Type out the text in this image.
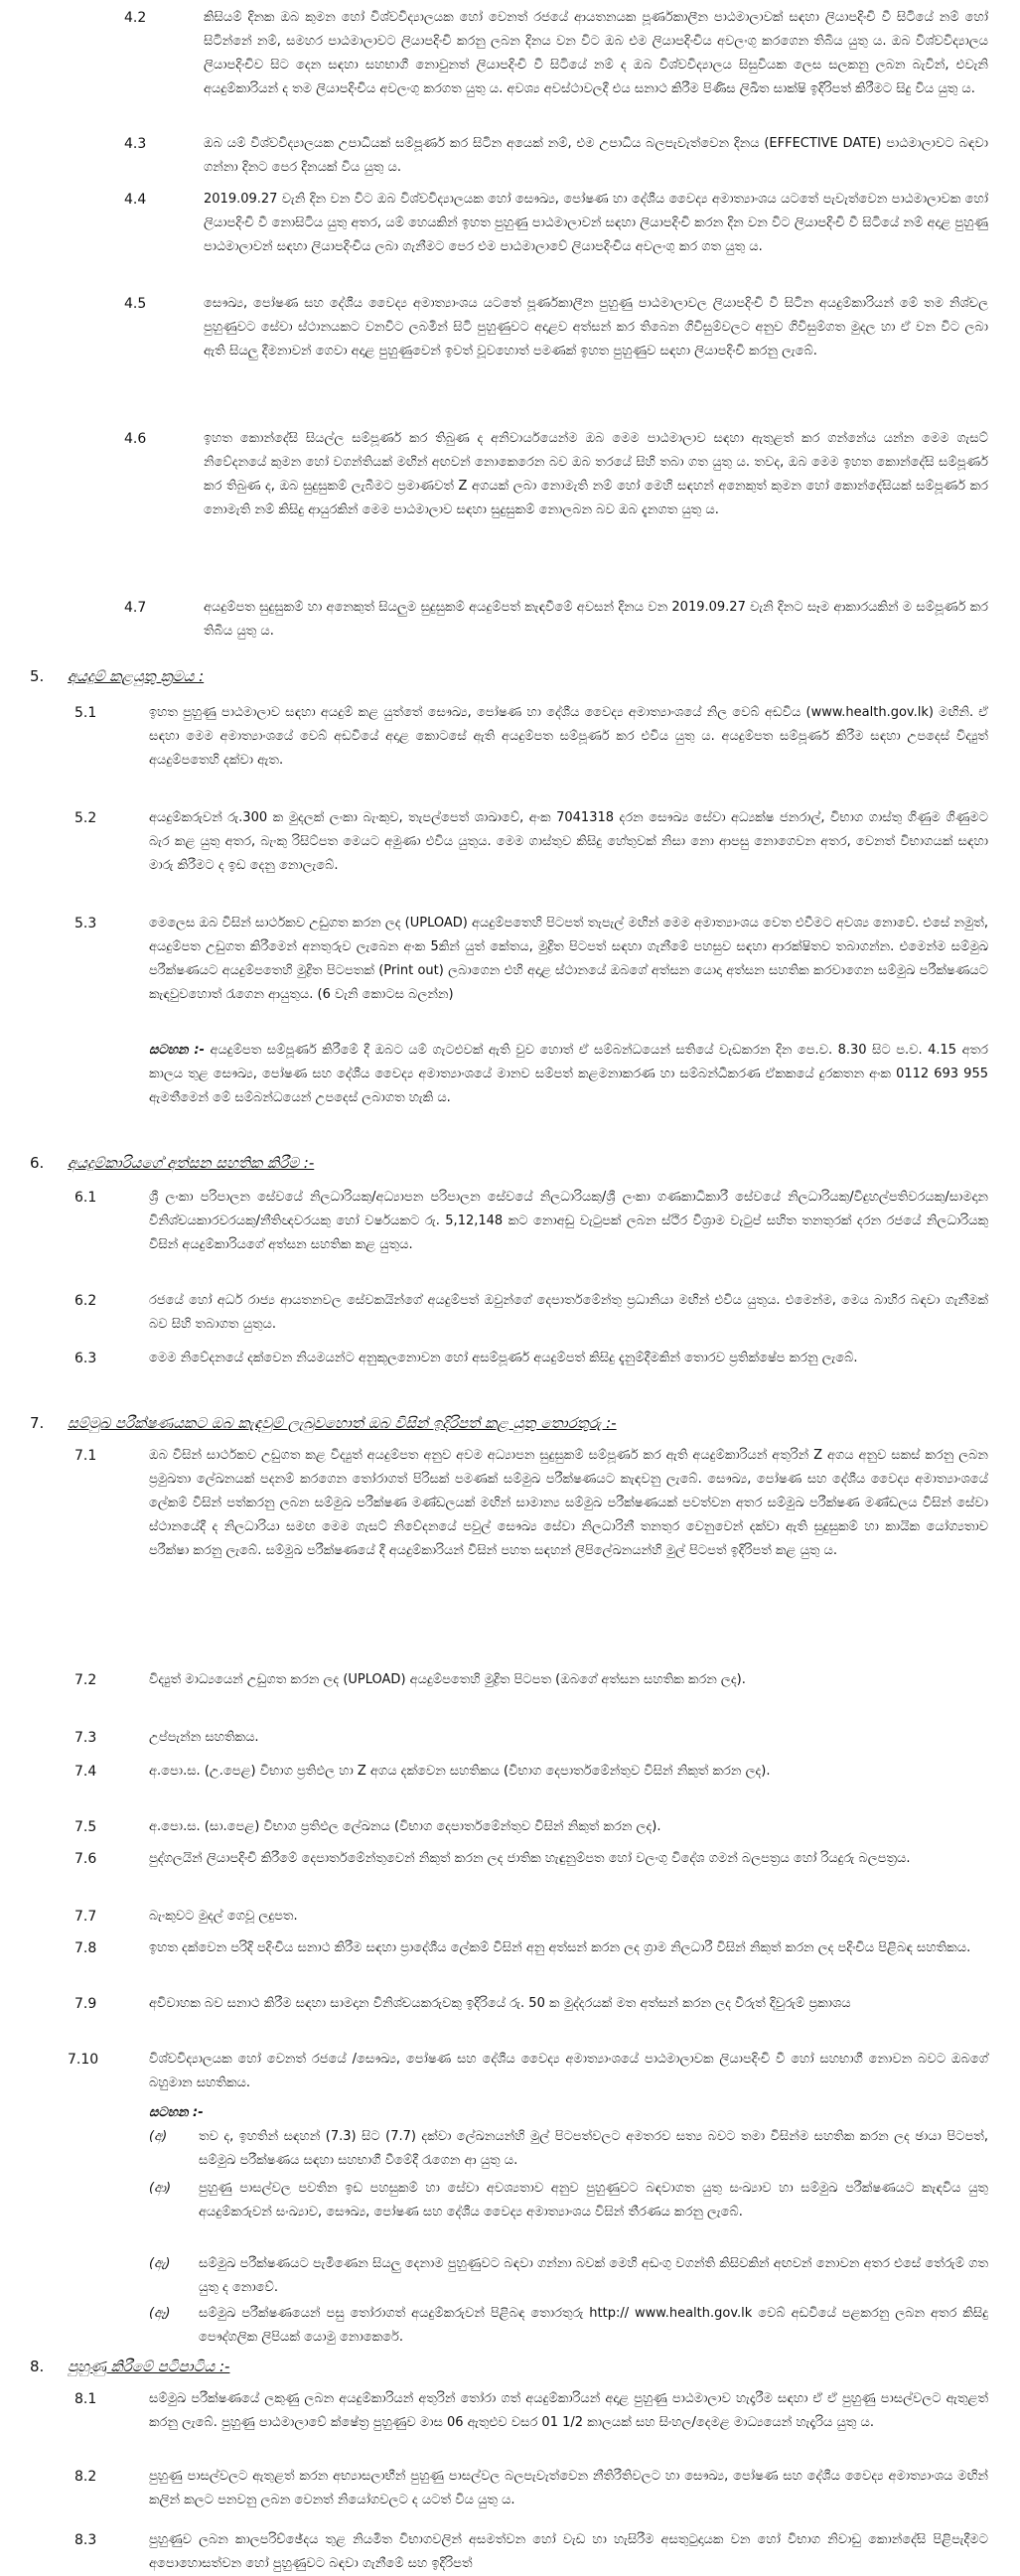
4.2	කිසියම් දිනක ඔබ කුමන හෝ විශ්වවිද්‍යාලයක හෝ වෙනත් රජයේ ආයතනයක පූර්ණකාලීන පාඨමාලාවක් සඳහා ලියාපදිංචි වී සිටියේ නම් හෝ සිටින්නේ නම්, සමහර පාඨමාලාවට ලියාපදිංචි කරනු ලබන දිනය වන විට ඔබ එම ලියාපදිංචිය අවලංගු කරගෙන තිබිය යුතු ය. ඔබ විශ්වවිද්‍යාලය ලියාපදිංචිව සිට දෙන සඳහා සහභාගී නොවුනත් ලියාපදිංචි වී සිටියේ නම් ද ඔබ විශ්වවිද්‍යාලය සිසුවියක ලෙස සලකනු ලබන බැවින්, එවැනි අයදුම්කාරියන් ද තම ලියාපදිංචිය අවලංගු කරගත යුතු ය. අවශ්‍ය අවස්ථාවලදී එය සනාථ කිරීම පිණිස ලිඛිත සාක්ෂි ඉදිරිපත් කිරීමට සිදු විය යුතු ය.
4.3	ඔබ යම් විශ්වවිද්‍යාලයක උපාධියක් සම්පූර්ණ කර සිටින අයෙක් නම්, එම උපාධිය බලපැවැත්වෙන දිනය (EFFECTIVE DATE) පාඨමාලාවට බඳවා ගන්නා දිනට පෙර දිනයක් විය යුතු ය.
4.4	2019.09.27 වැනි දින වන විට ඔබ විශ්වවිද්‍යාලයක හෝ සෞඛ්‍ය, පෝෂණ හා දේශීය වෛද්‍ය අමාත්‍යාංශය යටතේ පැවැත්වෙන පාඨමාලාවක හෝ ලියාපදිංචි වී නොසිටිය යුතු අතර, යම් හෙයකින් ඉහත පුහුණු පාඨමාලාවන් සඳහා ලියාපදිංචි කරන දින වන විට ලියාපදිංචි වී සිටියේ නම් අදාළ පුහුණු පාඨමාලාවන් සඳහා ලියාපදිංචිය ලබා ගැනීමට පෙර එම පාඨමාලාවේ ලියාපදිංචිය අවලංගු කර ගත යුතු ය.
4.5	සෞඛ්‍ය, පෝෂණ සහ දේශීය වෛද්‍ය අමාත්‍යාංශය යටතේ පූර්ණකාලීන පුහුණු පාඨමාලාවල ලියාපදිංචි වී සිටින අයදුම්කාරියන් මේ තම නිශ්චල පුහුණුවට සේවා ස්ථානයකට වනවිට ලබමින් සිටි පුහුණුවට අදාළව අත්සන් කර තිබෙන ගිවිසුම්වලට අනුව ගිවිසුම්ගත මුදල හා ඒ වන විට ලබා ඇති සියලු දීමනාවන් ගෙවා අදාළ පුහුණුවෙන් ඉවත් වූවහොත් පමණක් ඉහත පුහුණුව සඳහා ලියාපදිංචි කරනු ලැබේ.
4.6	ඉහත කොන්දේසි සියල්ල සම්පූර්ණ කර තිබුණ ද අනිවාර්යයෙන්ම ඔබ මෙම පාඨමාලාව සඳහා ඇතුළත් කර ගන්නේය යන්න මෙම ගැසට් නිවේදනයේ කුමන හෝ වගන්තියක් මඟින් අඟවන් නොකෙරෙන බව ඔබ තරයේ සිහි තබා ගත යුතු ය. තවද, ඔබ මෙම ඉහත කොන්දේසි සම්පූර්ණ කර තිබුණ ද, ඔබ සුදුසුකම් ලැබීමට ප්‍රමාණවත් Z අගයක් ලබා නොමැති නම් හෝ මෙහි සඳහන් අනෙකුත් කුමන හෝ කොන්දේසියක් සම්පූර්ණ කර නොමැති නම් කිසිදු ආයුරකින් මෙම පාඨමාලාව සඳහා සුදුසුකම් නොලබන බව ඔබ දැනගත යුතු ය.
4.7	අයදුම්පත සුදුසුකම් හා අනෙකුත් සියලුම සුදුසුකම් අයදුම්පත් කැඳවීමේ අවසන් දිනය වන 2019.09.27 වැනි දිනට සෑම ආකාරයකින් ම සම්පූර්ණ කර තිබිය යුතු ය.
5. අයදුම් කළයුතු ක්‍රමය :
5.1	ඉහත පුහුණු පාඨමාලාව සඳහා අයදුම් කළ යුත්තේ සෞඛ්‍ය, පෝෂණ හා දේශීය වෛද්‍ය අමාත්‍යාංශයේ නිල වෙබ් අඩවිය (www.health.gov.lk) මඟිනි. ඒ සඳහා මෙම අමාත්‍යාංශයේ වෙබ් අඩවියේ අදාළ කොටසේ ඇති අයදුම්පත සම්පූර්ණ කර එවිය යුතු ය. අයදුම්පත සම්පූර්ණ කිරීම සඳහා උපදෙස් විද්‍යුත් අයදුම්පතෙහි දක්වා ඇත.
5.2	අයදුම්කරුවන් රු.300 ක මුදලක් ලංකා බැංකුව, තැපල්පෙත් ශාඛාවේ, අංක 7041318 දරන සෞඛ්‍ය සේවා අධ්‍යක්ෂ ජනරාල්, විභාග ගාස්තු ගිණුම ගිණුමට බැර කළ යුතු අතර, බැංකු රිසිට්පත මෙයට අමුණා එවිය යුතුය. මෙම ගාස්තුව කිසිදු හේතුවක් නිසා නො ආපසු නොගෙවන අතර, වෙනත් විභාගයක් සඳහා මාරු කිරීමට ද ඉඩ දෙනු නොලැබේ.
5.3	මෙලෙස ඔබ විසින් සාර්ථකව උඩුගත කරන ලද (UPLOAD) අයදුම්පතෙහි පිටපත් තැපැල් මඟින් මෙම අමාත්‍යාංශය වෙත එවීමට අවශ්‍ය නොවේ. එසේ නමුත්, අයදුම්පත උඩුගත කිරීමෙන් අනතුරුව ලැබෙන අංක 5කින් යුත් කේතය, මුද්‍රිත පිටපත් සඳහා ගැනීමේ පහසුව සඳහා ආරක්ෂිතව තබාගන්න. එමෙන්ම සම්මුඛ පරීක්ෂණයට අයදුම්පතෙහි මුද්‍රිත පිටපතක් (Print out) ලබාගෙන එහි අදාළ ස්ථානයේ ඔබගේ අත්සන යොදා අත්සන සහතික කරවාගෙන සම්මුඛ පරීක්ෂණයට කැඳවුවහොත් රැගෙන ආයුතුය. (6 වැනි කොටස බලන්න)
සටහන :- අයදුම්පත සම්පූර්ණ කිරීමේ දී ඔබට යම් ගැටළුවක් ඇති වුව හොත් ඒ සම්බන්ධයෙන් සතියේ වැඩකරන දින පෙ.ව. 8.30 සිට ප.ව. 4.15 අතර කාලය තුළ සෞඛ්‍ය, පෝෂණ සහ දේශීය වෛද්‍ය අමාත්‍යාංශයේ මානව සම්පත් කළමනාකරණ හා සම්බන්ධීකරණ ඒකකයේ දුරකතන අංක 0112 693 955 ඇමතීමෙන් මේ සම්බන්ධයෙන් උපදෙස් ලබාගත හැකි ය.
6. අයදුම්කාරියගේ අත්සන සහතික කිරීම :-
6.1	ශ්‍රී ලංකා පරිපාලන සේවයේ නිලධාරියකු/අධ්‍යාපන පරිපාලන සේවයේ නිලධාරියකු/ශ්‍රී ලංකා ගණකාධිකාරී සේවයේ නිලධාරියකු/විදුහල්පතිවරයකු/සාමදාන විනිශ්චයකාරවරයකු/නීතිඥවරයකු හෝ වර්ෂයකට රු. 5,12,148 කට නොඅඩු වැටුපක් ලබන ස්ථිර විශ්‍රාම වැටුප් සහිත තනතුරක් දරන රජයේ නිලධාරියකු විසින් අයදුම්කාරියගේ අත්සන සහතික කළ යුතුය.
6.2	රජයේ හෝ අර්ධ රාජ්‍ය ආයතනවල සේවකයින්ගේ අයදුම්පත් ඔවුන්ගේ දෙපාර්තමේන්තු ප්‍රධානියා මඟින් එවිය යුතුය. එමෙන්ම, මෙය බාහිර බඳවා ගැනීමක් බව සිහි තබාගත යුතුය.
6.3	මෙම නිවේදනයේ දක්වෙන නියමයන්ට අනුකූලනොවන හෝ අසම්පූර්ණ අයදුම්පත් කිසිදු දැනුම්දීමකින් තොරව ප්‍රතික්ෂේප කරනු ලැබේ.
7. සම්මුඛ පරීක්ෂණයකට ඔබ කැඳවුම් ලැබුවහොත් ඔබ විසින් ඉදිරිපත් කළ යුතු තොරතුරු :-
7.1	ඔබ විසින් සාර්ථකව උඩුගත කළ විද්‍යුත් අයදුම්පත අනුව අවම අධ්‍යාපන සුදුසුකම් සම්පූර්ණ කර ඇති අයදුම්කාරියන් අතුරින් Z අගය අනුව සකස් කරනු ලබන ප්‍රමුඛතා ලේඛනයක් පදනම් කරගෙන තෝරාගත් පිරිසක් පමණක් සම්මුඛ පරීක්ෂණයට කැඳවනු ලැබේ. සෞඛ්‍ය, පෝෂණ සහ දේශීය වෛද්‍ය අමාත්‍යාංශයේ ලේකම් විසින් පත්කරනු ලබන සම්මුඛ පරීක්ෂණ මණ්ඩලයක් මඟින් සාමාන්‍ය සම්මුඛ පරීක්ෂණයක් පවත්වන අතර සම්මුඛ පරීක්ෂණ මණ්ඩලය විසින් සේවා ස්ථානයේදී ද නිලධාරියා සමඟ මෙම ගැසට් නිවේදනයේ පවුල් සෞඛ්‍ය සේවා නිලධාරිනී තනතුර වෙනුවෙන් දක්වා ඇති සුදුසුකම් හා කායික යෝග්‍යතාව පරීක්ෂා කරනු ලැබේ. සම්මුඛ පරීක්ෂණයේ දී අයදුම්කාරියන් විසින් පහත සඳහන් ලිපිලේඛනයන්හි මුල් පිටපත් ඉදිරිපත් කළ යුතු ය.
7.2	විද්‍යුත් මාධ්‍යයෙන් උඩුගත කරන ලද (UPLOAD) අයදුම්පතෙහි මුද්‍රිත පිටපත (ඔබගේ අත්සන සහතික කරන ලද).
7.3	උප්පැන්න සහතිකය.
7.4	අ.පො.ස. (උ.පෙළ) විභාග ප්‍රතිඵල හා Z අගය දක්වෙන සහතිකය (විභාග දෙපාර්තමේන්තුව විසින් නිකුත් කරන ලද).
7.5	අ.පො.ස. (සා.පෙළ) විභාග ප්‍රතිඵල ලේඛනය (විභාග දෙපාර්තමේන්තුව විසින් නිකුත් කරන ලද).
7.6	පුද්ගලයින් ලියාපදිංචි කිරීමේ දෙපාර්තමේන්තුවෙන් නිකුත් කරන ලද ජාතික හැඳුනුම්පත හෝ වලංගු විදේශ ගමන් බලපත්‍රය හෝ රියදුරු බලපත්‍රය.
7.7	බැංකුවට මුදල් ගෙවූ ලදුපත.
7.8	ඉහත දක්වෙන පරිදි පදිංචිය සනාථ කිරීම සඳහා ප්‍රාදේශීය ලේකම් විසින් අනු අත්සන් කරන ලද ග්‍රාම නිලධාරී විසින් නිකුත් කරන ලද පදිංචිය පිළිබඳ සහතිකය.
7.9	අවිවාහක බව සනාථ කිරීම සඳහා සාමදාන විනිශ්චයකරුවකු ඉදිරියේ රු. 50 ක මුද්දරයක් මත අත්සන් කරන ලද වීරුත් දිවුරුම් ප්‍රකාශය
7.10	විශ්වවිද්‍යාලයක හෝ වෙනත් රජයේ /සෞඛ්‍ය, පෝෂණ සහ දේශීය වෛද්‍ය අමාත්‍යාංශයේ පාඨමාලාවක ලියාපදිංචි වී හෝ සහභාගී නොවන බවට ඔබගේ බහුමාන සහතිකය.
සටහන :-
(අ) තව ද, ඉහතින් සඳහන් (7.3) සිට (7.7) දක්වා ලේඛනයන්හි මුල් පිටපත්වලට අමතරව සත්‍ය බවට තමා විසින්ම සහතික කරන ලද ඡායා පිටපත්, සම්මුඛ පරීක්ෂණය සඳහා සහභාගී වීමේදී රැගෙන ආ යුතු ය.
(ආ) පුහුණු පාසල්වල පවතින ඉඩ පහසුකම් හා සේවා අවශ්‍යතාව අනුව පුහුණුවට බඳවාගත යුතු සංඛ්‍යාව හා සම්මුඛ පරීක්ෂණයට කැඳවිය යුතු අයදුම්කරුවන් සංඛ්‍යාව, සෞඛ්‍ය, පෝෂණ සහ දේශීය වෛද්‍ය අමාත්‍යාංශය විසින් තීරණය කරනු ලැබේ.
(ඇ) සම්මුඛ පරීක්ෂණයට පැමිණෙන සියලු දෙනාම පුහුණුවට බඳවා ගන්නා බවක් මෙහි අඩංගු වගන්ති කිසිවකින් අඟවන් නොවන අතර එසේ තේරුම් ගත යුතු ද නොවේ.
(ඈ) සම්මුඛ පරීක්ෂණයෙන් පසු තෝරාගත් අයදුම්කරුවන් පිළිබඳ තොරතුරු http:// www.health.gov.lk වෙබ් අඩවියේ පළකරනු ලබන අතර කිසිදු පෞද්ගලික ලිපියක් යොමු නොකෙරේ.
8. පුහුණු කිරීමේ පටිපාටිය :-
8.1	සම්මුඛ පරීක්ෂණයේ ලකුණු ලබන අයදුම්කාරියන් අතුරින් තෝරා ගත් අයදුම්කාරියන් අදාළ පුහුණු පාඨමාලාව හැදෑරීම සඳහා ඒ ඒ පුහුණු පාසල්වලට ඇතුළත් කරනු ලැබේ. පුහුණු පාඨමාලාවේ ක්ෂේත්‍ර පුහුණුව මාස 06 ඇතුළුව වසර 01 1/2 කාලයක් සහ සිංහල/දෙමළ මාධ්‍යයෙන් හැදෑරිය යුතු ය.
8.2	පුහුණු පාසල්වලට ඇතුළත් කරන අභ්‍යාසලාභීන් පුහුණු පාසල්වල බලපැවැත්වෙන නීතිරීතිවලට හා සෞඛ්‍ය, පෝෂණ සහ දේශීය වෛද්‍ය අමාත්‍යාංශය මඟින් කලින් කලට පනවනු ලබන වෙනත් නියෝගවලට ද යටත් විය යුතු ය.
8.3	පුහුණුව ලබන කාලපරිච්ඡේදය තුළ නියමිත විභාගවලින් අසමත්වන හෝ වැඩ හා හැසිරීම අසතුටුදායක වන හෝ විභාග නිවාඩු කොන්දේසි පිළිපැදීමට අපොහොසත්වන හෝ පුහුණුවට බඳවා ගැනීමේ සහ ඉදිරිපත්
